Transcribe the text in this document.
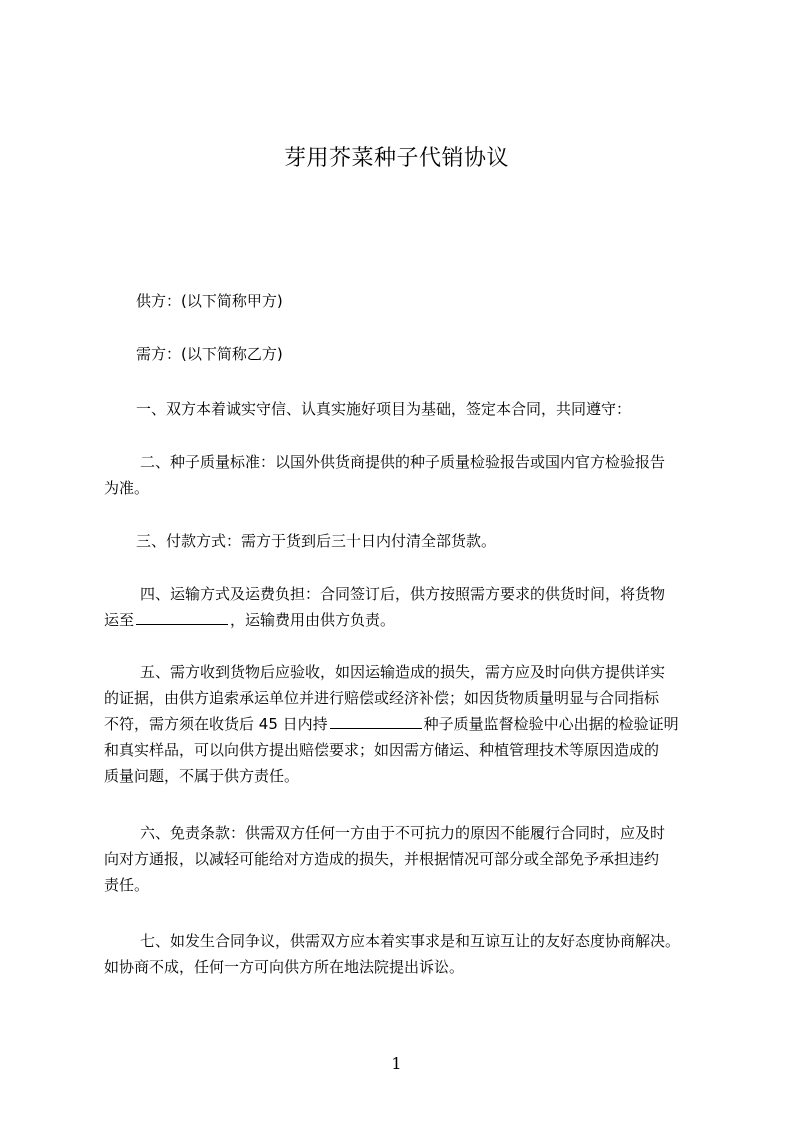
芽用芥菜种子代销协议
供方：(以下简称甲方)
需方：(以下简称乙方)
一、双方本着诚实守信、认真实施好项目为基础，签定本合同，共同遵守：
二、种子质量标准：以国外供货商提供的种子质量检验报告或国内官方检验报告
为准。
三、付款方式：需方于货到后三十日内付清全部货款。
四、运输方式及运费负担：合同签订后，供方按照需方要求的供货时间，将货物
运至	，运输费用由供方负责。
五、需方收到货物后应验收，如因运输造成的损失，需方应及时向供方提供详实
的证据，由供方追索承运单位并进行赔偿或经济补偿；如因货物质量明显与合同指标
不符，需方须在收货后 45 日内持	种子质量监督检验中心出据的检验证明
和真实样品，可以向供方提出赔偿要求；如因需方储运、种植管理技术等原因造成的
质量问题，不属于供方责任。
六、免责条款：供需双方任何一方由于不可抗力的原因不能履行合同时，应及时
向对方通报，以减轻可能给对方造成的损失，并根据情况可部分或全部免予承担违约
责任。
七、如发生合同争议，供需双方应本着实事求是和互谅互让的友好态度协商解决。
如协商不成，任何一方可向供方所在地法院提出诉讼。
1
